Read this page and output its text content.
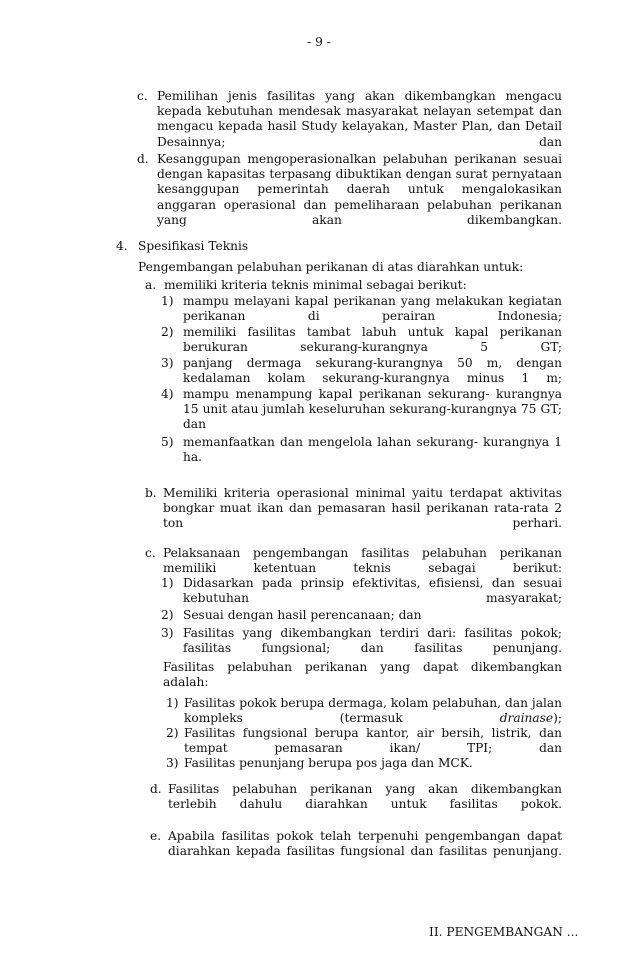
- 9 -
c. Pemilihan jenis fasilitas yang akan dikembangkan mengacu kepada kebutuhan mendesak masyarakat nelayan setempat dan mengacu kepada hasil Study kelayakan, Master Plan, dan Detail Desainnya; dan
d. Kesanggupan mengoperasionalkan pelabuhan perikanan sesuai dengan kapasitas terpasang dibuktikan dengan surat pernyataan kesanggupan pemerintah daerah untuk mengalokasikan anggaran operasional dan pemeliharaan pelabuhan perikanan yang akan dikembangkan.
4. Spesifikasi Teknis
Pengembangan pelabuhan perikanan di atas diarahkan untuk:
a. memiliki kriteria teknis minimal sebagai berikut:
1) mampu melayani kapal perikanan yang melakukan kegiatan perikanan di perairan Indonesia;
2) memiliki fasilitas tambat labuh untuk kapal perikanan berukuran sekurang-kurangnya 5 GT;
3) panjang dermaga sekurang-kurangnya 50 m, dengan kedalaman kolam sekurang-kurangnya minus 1 m;
4) mampu menampung kapal perikanan sekurang- kurangnya 15 unit atau jumlah keseluruhan sekurang-kurangnya 75 GT; dan
5) memanfaatkan dan mengelola lahan sekurang- kurangnya 1 ha.
b. Memiliki kriteria operasional minimal yaitu terdapat aktivitas bongkar muat ikan dan pemasaran hasil perikanan rata-rata 2 ton perhari.
c. Pelaksanaan pengembangan fasilitas pelabuhan perikanan memiliki ketentuan teknis sebagai berikut:
1) Didasarkan pada prinsip efektivitas, efisiensi, dan sesuai kebutuhan masyarakat;
2) Sesuai dengan hasil perencanaan; dan
3) Fasilitas yang dikembangkan terdiri dari: fasilitas pokok; fasilitas fungsional; dan fasilitas penunjang.
Fasilitas pelabuhan perikanan yang dapat dikembangkan adalah:
1) Fasilitas pokok berupa dermaga, kolam pelabuhan, dan jalan kompleks (termasuk drainase);
2) Fasilitas fungsional berupa kantor, air bersih, listrik, dan tempat pemasaran ikan/ TPI; dan
3) Fasilitas penunjang berupa pos jaga dan MCK.
d. Fasilitas pelabuhan perikanan yang akan dikembangkan terlebih dahulu diarahkan untuk fasilitas pokok.
e. Apabila fasilitas pokok telah terpenuhi pengembangan dapat diarahkan kepada fasilitas fungsional dan fasilitas penunjang.
II. PENGEMBANGAN ...
